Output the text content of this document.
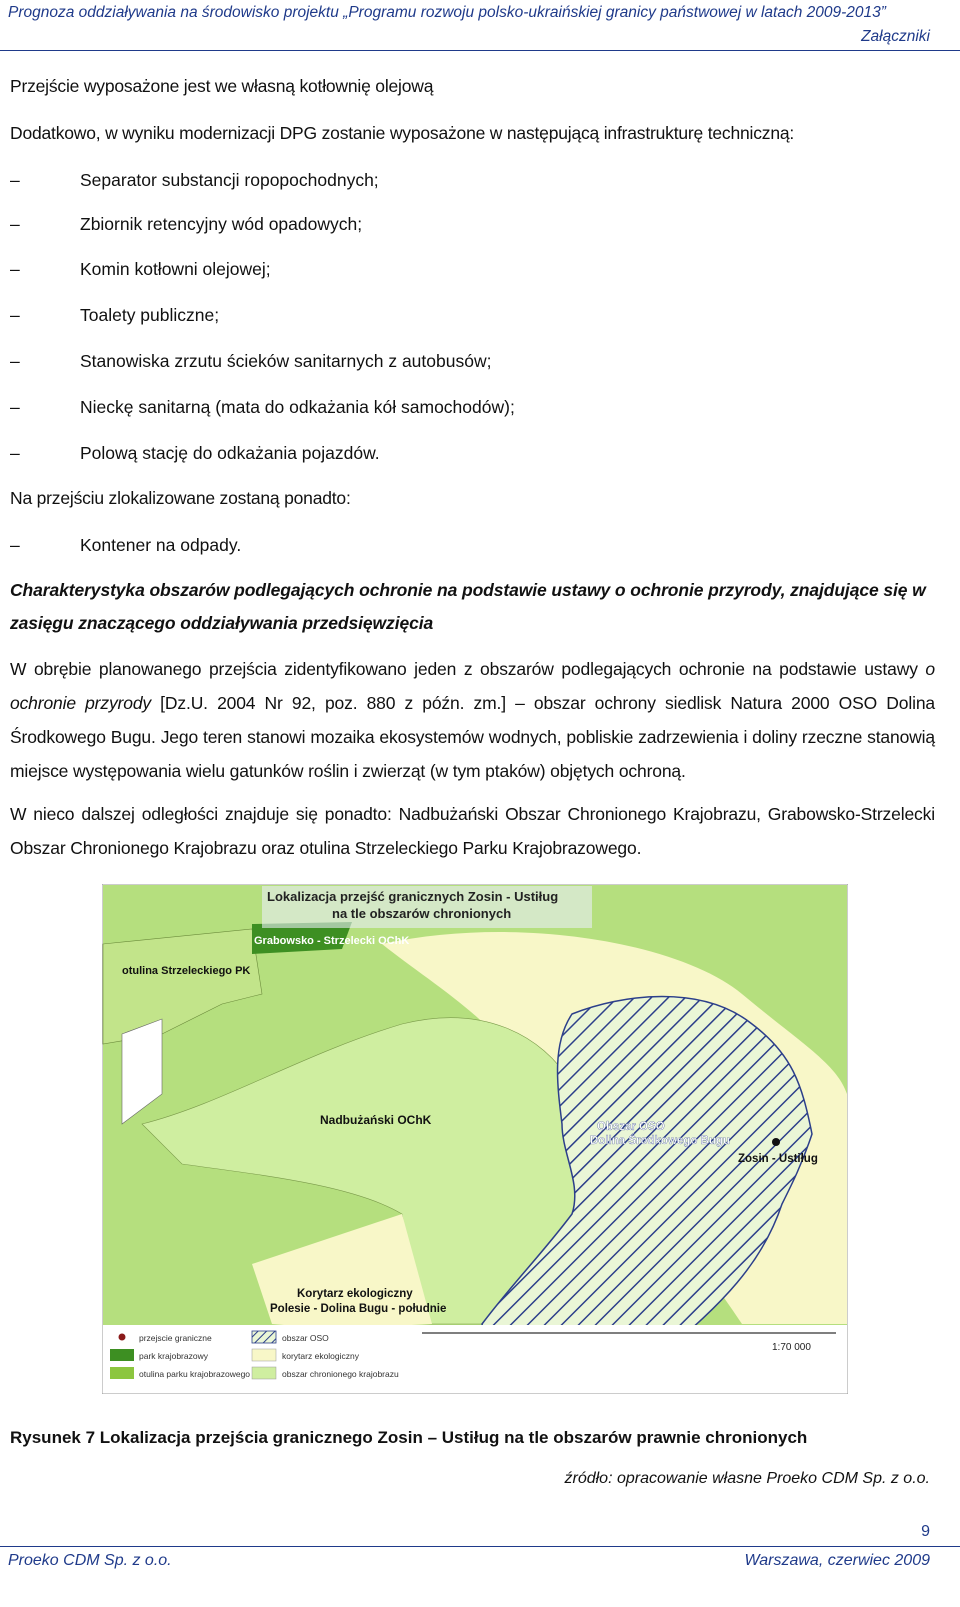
Prognoza oddziaływania na środowisko projektu „Programu rozwoju polsko-ukraińskiej granicy państwowej w latach 2009-2013”
Załączniki
Przejście wyposażone jest we własną kotłownię olejową
Dodatkowo, w wyniku modernizacji DPG zostanie wyposażone w następującą infrastrukturę techniczną:
–	Separator substancji ropopochodnych;
–	Zbiornik retencyjny wód opadowych;
–	Komin kotłowni olejowej;
–	Toalety publiczne;
–	Stanowiska zrzutu ścieków sanitarnych z autobusów;
–	Nieckę sanitarną (mata do odkażania kół samochodów);
–	Polową stację do odkażania pojazdów.
Na przejściu zlokalizowane zostaną ponadto:
–	Kontener na odpady.
Charakterystyka obszarów podlegających ochronie na podstawie ustawy o ochronie przyrody, znajdujące się w zasięgu znaczącego oddziaływania przedsięwzięcia
W obrębie planowanego przejścia zidentyfikowano jeden z obszarów podlegających ochronie na podstawie ustawy o ochronie przyrody [Dz.U. 2004 Nr 92, poz. 880 z późn. zm.] – obszar ochrony siedlisk Natura 2000 OSO Dolina Środkowego Bugu. Jego teren stanowi mozaika ekosystemów wodnych, pobliskie zadrzewienia i doliny rzeczne stanowią miejsce występowania wielu gatunków roślin i zwierząt (w tym ptaków) objętych ochroną.
W nieco dalszej odległości znajduje się ponadto: Nadbużański Obszar Chronionego Krajobrazu, Grabowsko-Strzelecki Obszar Chronionego Krajobrazu oraz otulina Strzeleckiego Parku Krajobrazowego.
Lokalizacja przejść granicznych Zosin - Ustiług
na tle obszarów chronionych
Grabowsko - Strzelecki OChK
otulina Strzeleckiego PK
Nadbużański OChK	Obszar OSO
Dolina Środkowego Bugu
Zosin - Ustiług
Korytarz ekologiczny
Polesie - Dolina Bugu - południe
przejscie graniczne
park krajobrazowy
otulina parku krajobrazowego
obszar OSO
korytarz ekologiczny
obszar chronionego krajobrazu
1:70 000
Rysunek 7 Lokalizacja przejścia granicznego Zosin – Ustiług na tle obszarów prawnie chronionych
źródło: opracowanie własne Proeko CDM Sp. z o.o.
9
Proeko CDM Sp. z o.o.	Warszawa, czerwiec 2009
